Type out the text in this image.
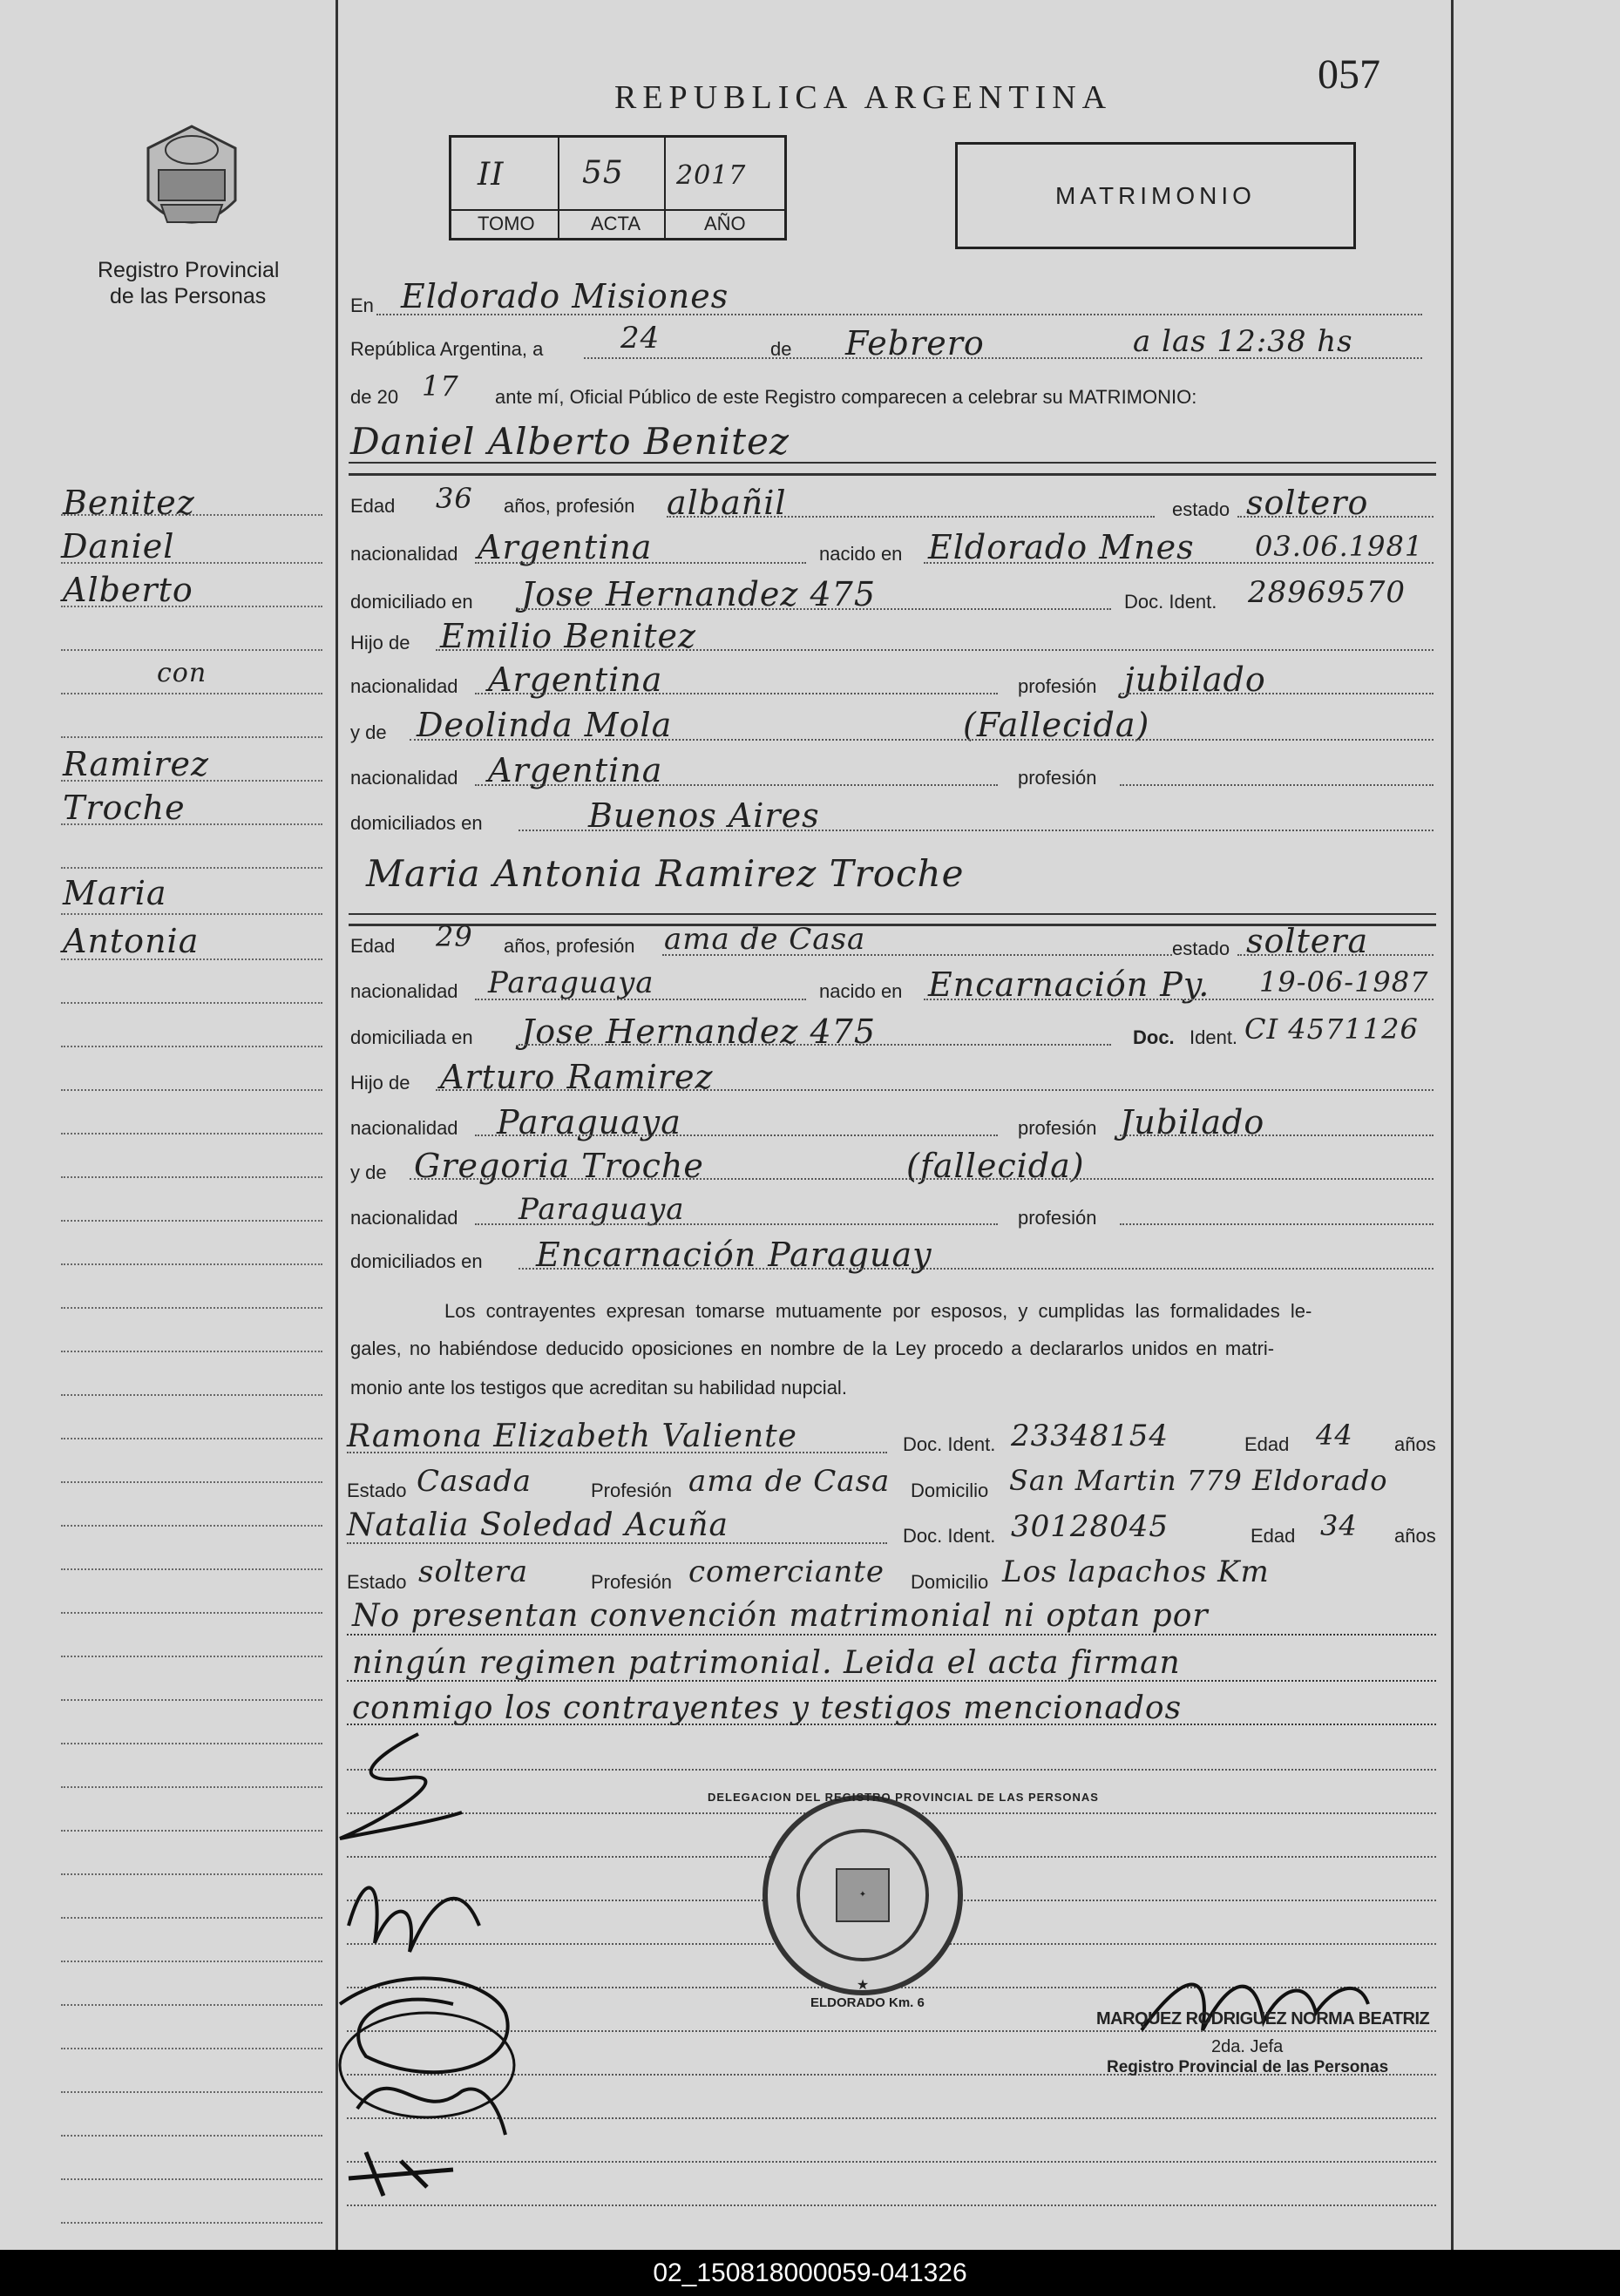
Registro Provincial
de las Personas
REPUBLICA ARGENTINA	057
II 55 2017
TOMO	ACTA	AÑO
MATRIMONIO
Benitez
Daniel
Alberto
con
Ramirez
Troche
Maria
Antonia
En Eldorado Misiones
República Argentina, a	24	de Febrero	a las 12:38 hs
de 20 17 ante mí, Oficial Público de este Registro comparecen a celebrar su MATRIMONIO:
Daniel Alberto Benitez
Edad 36 años, profesión albañil	estado soltero
nacionalidad Argentina	nacido en Eldorado Mnes 03.06.1981
domiciliado en Jose Hernandez 475	Doc. Ident. 28969570
Hijo de Emilio Benitez
nacionalidad Argentina	profesión jubilado
y de Deolinda Mola	(Fallecida)
nacionalidad Argentina	profesión
domiciliados en	Buenos Aires
Maria Antonia Ramirez Troche
Edad 29 años, profesión ama de Casa	estado soltera
nacionalidad Paraguaya	nacido en Encarnación Py. 19-06-1987
domiciliada en Jose Hernandez 475	Doc. Ident. CI 4571126
Hijo de Arturo Ramirez
nacionalidad Paraguaya	profesión Jubilado
y de Gregoria Troche	(fallecida)
nacionalidad Paraguaya	profesión
domiciliados en Encarnación Paraguay
Los contrayentes expresan tomarse mutuamente por esposos, y cumplidas las formalidades le-
gales, no habiéndose deducido oposiciones en nombre de la Ley procedo a declararlos unidos en matri-
monio ante los testigos que acreditan su habilidad nupcial.
Ramona Elizabeth Valiente	Doc. Ident. 23348154	Edad 44 años
Estado Casada	Profesión ama de Casa Domicilio San Martin 779 Eldorado
Natalia Soledad Acuña	Doc. Ident. 30128045	Edad 34 años
Estado soltera	Profesión comerciante Domicilio Los lapachos Km
No presentan convención matrimonial ni optan por
ningún regimen patrimonial. Leida el acta firman
conmigo los contrayentes y testigos mencionados
✦
★
DELEGACION DEL REGISTRO PROVINCIAL DE LAS PERSONAS
ELDORADO Km. 6
MARQUEZ RODRIGUEZ NORMA BEATRIZ
2da. Jefa
Registro Provincial de las Personas
02_150818000059-041326
